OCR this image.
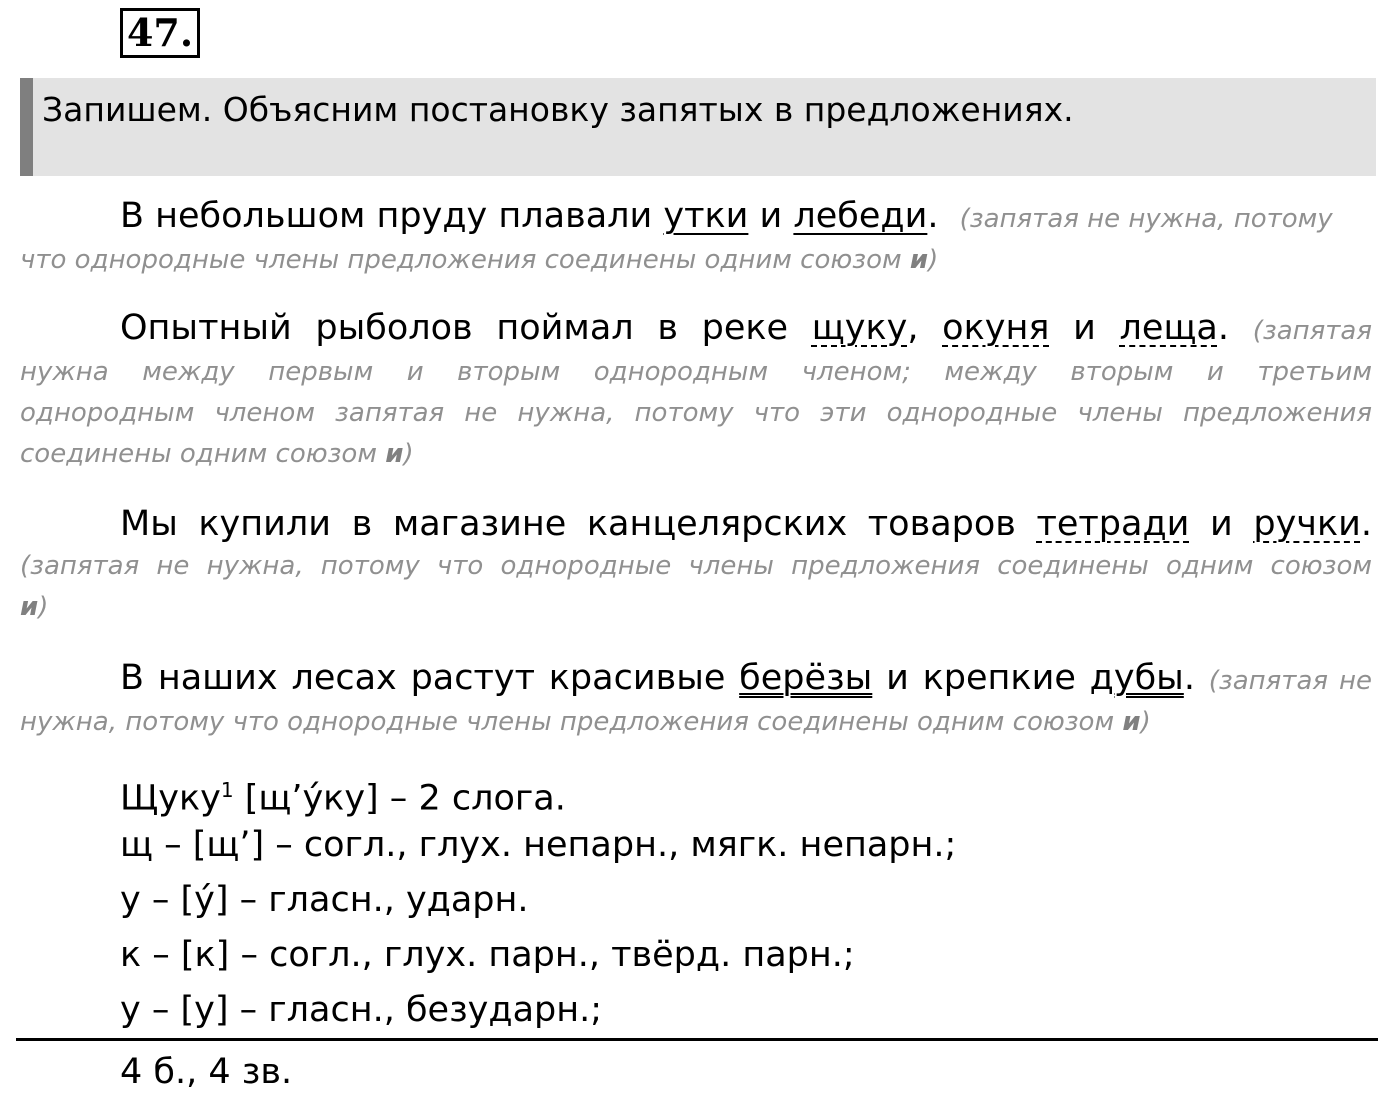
47.
Запишем. Объясним постановку запятых в предложениях.
В небольшом пруду плавали утки и лебеди. (запятая не нужна, потому
что однородные члены предложения соединены одним союзом и)
Опытный рыболов поймал в реке щуку, окуня и леща. (запятая
нужна между первым и вторым однородным членом; между вторым и третьим
однородным членом запятая не нужна, потому что эти однородные члены предложения
соединены одним союзом и)
Мы купили в магазине канцелярских товаров тетради и ручки.
(запятая не нужна, потому что однородные члены предложения соединены одним союзом
и)
В наших лесах растут красивые берёзы и крепкие дубы. (запятая не
нужна, потому что однородные члены предложения соединены одним союзом и)
Щуку$^1$ [щ’у́ку] – 2 слога.
щ – [щ’] – согл., глух. непарн., мягк. непарн.;
у – [у́] – гласн., ударн.
к – [к] – согл., глух. парн., твёрд. парн.;
у – [у] – гласн., безударн.;
4 б., 4 зв.
